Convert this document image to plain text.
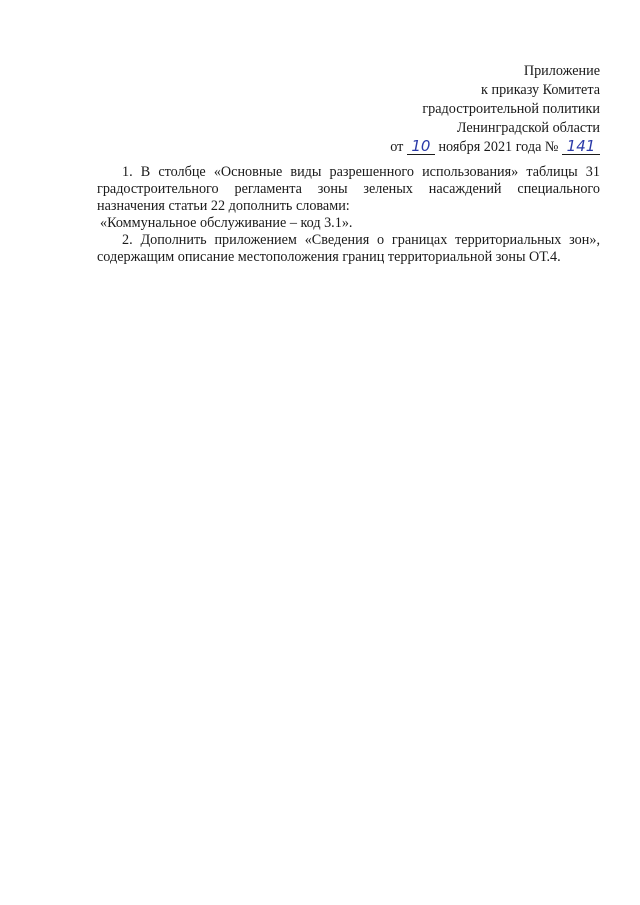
Приложение
к приказу Комитета
градостроительной политики
Ленинградской области
от 10 ноября 2021 года № 141

1. В столбце «Основные виды разрешенного использования» таблицы 31 градостроительного регламента зоны зеленых насаждений специального назначения статьи 22 дополнить словами:

«Коммунальное обслуживание – код 3.1».

2. Дополнить приложением «Сведения о границах территориальных зон», содержащим описание местоположения границ территориальной зоны ОТ.4.
